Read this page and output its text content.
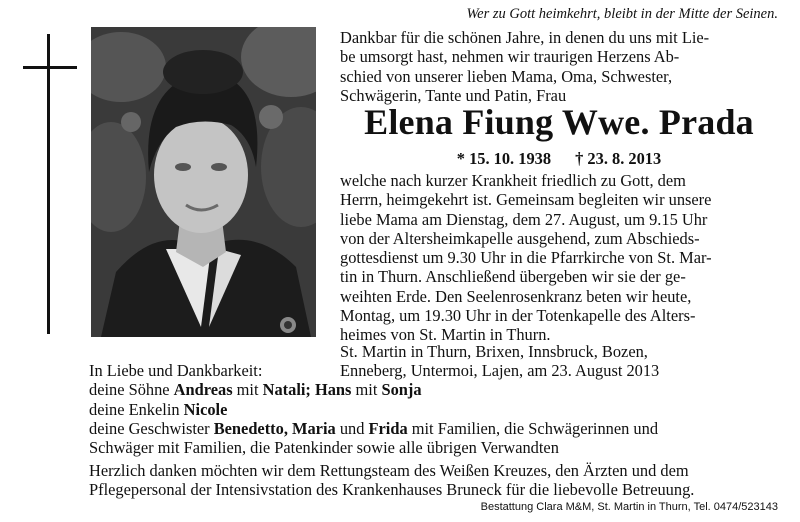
Wer zu Gott heimkehrt, bleibt in der Mitte der Seinen.
Dankbar für die schönen Jahre, in denen du uns mit Lie-
be umsorgt hast, nehmen wir traurigen Herzens Ab-
schied von unserer lieben Mama, Oma, Schwester,
Schwägerin, Tante und Patin, Frau
Elena Fiung Wwe. Prada
* 15. 10. 1938 † 23. 8. 2013
welche nach kurzer Krankheit friedlich zu Gott, dem
Herrn, heimgekehrt ist. Gemeinsam begleiten wir unsere
liebe Mama am Dienstag, dem 27. August, um 9.15 Uhr
von der Altersheimkapelle ausgehend, zum Abschieds-
gottesdienst um 9.30 Uhr in die Pfarrkirche von St. Mar-
tin in Thurn. Anschließend übergeben wir sie der ge-
weihten Erde. Den Seelenrosenkranz beten wir heute,
Montag, um 19.30 Uhr in der Totenkapelle des Alters-
heimes von St. Martin in Thurn.
St. Martin in Thurn, Brixen, Innsbruck, Bozen,
Enneberg, Untermoi, Lajen, am 23. August 2013
In Liebe und Dankbarkeit:
deine Söhne Andreas mit Natali; Hans mit Sonja
deine Enkelin Nicole
deine Geschwister Benedetto, Maria und Frida mit Familien, die Schwägerinnen und
Schwäger mit Familien, die Patenkinder sowie alle übrigen Verwandten
Herzlich danken möchten wir dem Rettungsteam des Weißen Kreuzes, den Ärzten und dem
Pflegepersonal der Intensivstation des Krankenhauses Bruneck für die liebevolle Betreuung.
Bestattung Clara M&M, St. Martin in Thurn, Tel. 0474/523143
